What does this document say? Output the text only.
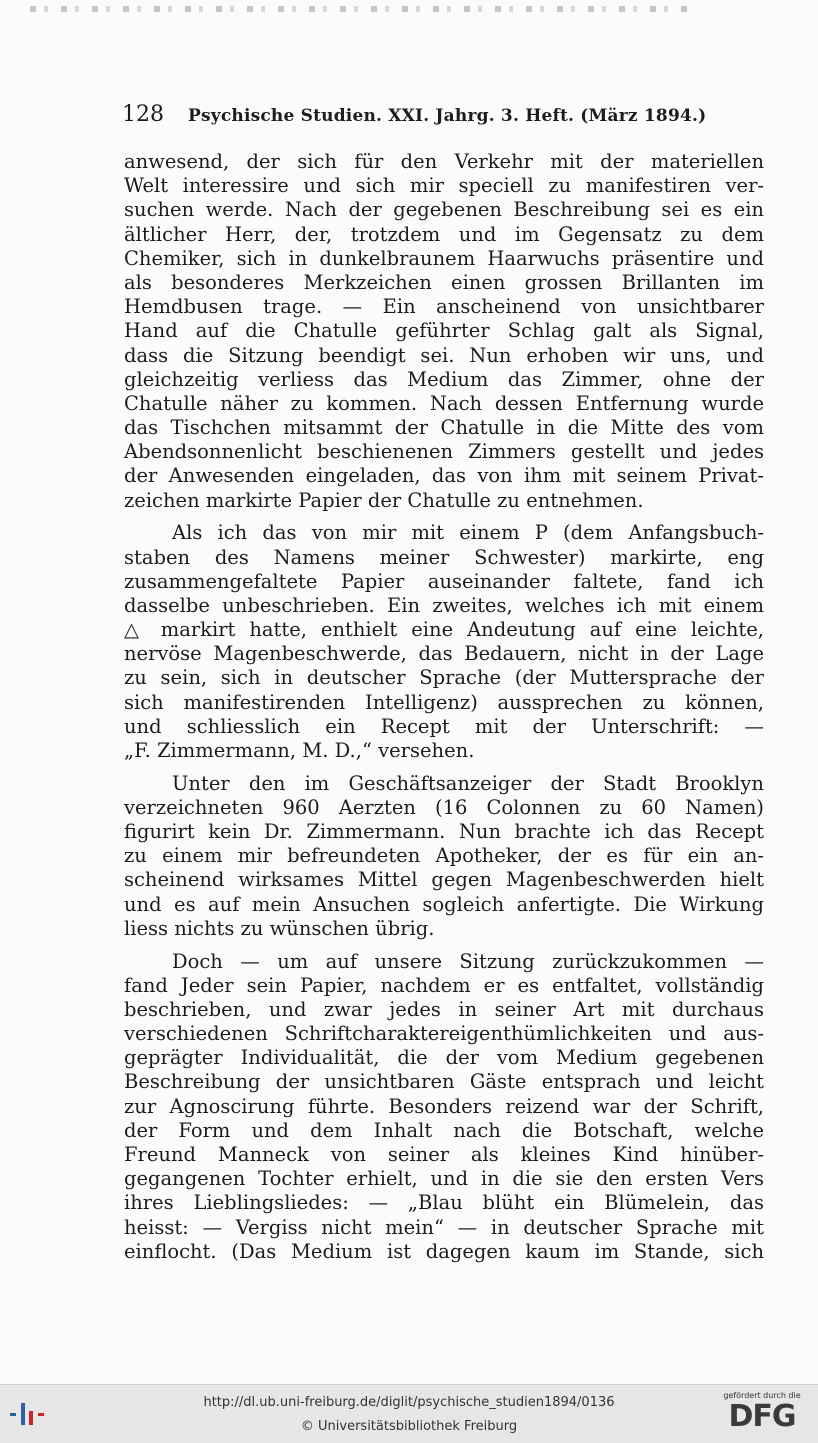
128 Psychische Studien. XXI. Jahrg. 3. Heft. (März 1894.)
anwesend, der sich für den Verkehr mit der materiellen
Welt interessire und sich mir speciell zu manifestiren ver-
suchen werde. Nach der gegebenen Beschreibung sei es ein
ältlicher Herr, der, trotzdem und im Gegensatz zu dem
Chemiker, sich in dunkelbraunem Haarwuchs präsentire und
als besonderes Merkzeichen einen grossen Brillanten im
Hemdbusen trage. — Ein anscheinend von unsichtbarer
Hand auf die Chatulle geführter Schlag galt als Signal,
dass die Sitzung beendigt sei. Nun erhoben wir uns, und
gleichzeitig verliess das Medium das Zimmer, ohne der
Chatulle näher zu kommen. Nach dessen Entfernung wurde
das Tischchen mitsammt der Chatulle in die Mitte des vom
Abendsonnenlicht beschienenen Zimmers gestellt und jedes
der Anwesenden eingeladen, das von ihm mit seinem Privat-
zeichen markirte Papier der Chatulle zu entnehmen.
Als ich das von mir mit einem P (dem Anfangsbuch-
staben des Namens meiner Schwester) markirte, eng
zusammengefaltete Papier auseinander faltete, fand ich
dasselbe unbeschrieben. Ein zweites, welches ich mit einem
△ markirt hatte, enthielt eine Andeutung auf eine leichte,
nervöse Magenbeschwerde, das Bedauern, nicht in der Lage
zu sein, sich in deutscher Sprache (der Muttersprache der
sich manifestirenden Intelligenz) aussprechen zu können,
und schliesslich ein Recept mit der Unterschrift: —
„F. Zimmermann, M. D.,“ versehen.
Unter den im Geschäftsanzeiger der Stadt Brooklyn
verzeichneten 960 Aerzten (16 Colonnen zu 60 Namen)
figurirt kein Dr. Zimmermann. Nun brachte ich das Recept
zu einem mir befreundeten Apotheker, der es für ein an-
scheinend wirksames Mittel gegen Magenbeschwerden hielt
und es auf mein Ansuchen sogleich anfertigte. Die Wirkung
liess nichts zu wünschen übrig.
Doch — um auf unsere Sitzung zurückzukommen —
fand Jeder sein Papier, nachdem er es entfaltet, vollständig
beschrieben, und zwar jedes in seiner Art mit durchaus
verschiedenen Schriftcharaktereigenthümlichkeiten und aus-
geprägter Individualität, die der vom Medium gegebenen
Beschreibung der unsichtbaren Gäste entsprach und leicht
zur Agnoscirung führte. Besonders reizend war der Schrift,
der Form und dem Inhalt nach die Botschaft, welche
Freund Manneck von seiner als kleines Kind hinüber-
gegangenen Tochter erhielt, und in die sie den ersten Vers
ihres Lieblingsliedes: — „Blau blüht ein Blümelein, das
heisst: — Vergiss nicht mein“ — in deutscher Sprache mit
einflocht. (Das Medium ist dagegen kaum im Stande, sich
http://dl.ub.uni-freiburg.de/diglit/psychische_studien1894/0136
© Universitätsbibliothek Freiburg
gefördert durch die
DFG
